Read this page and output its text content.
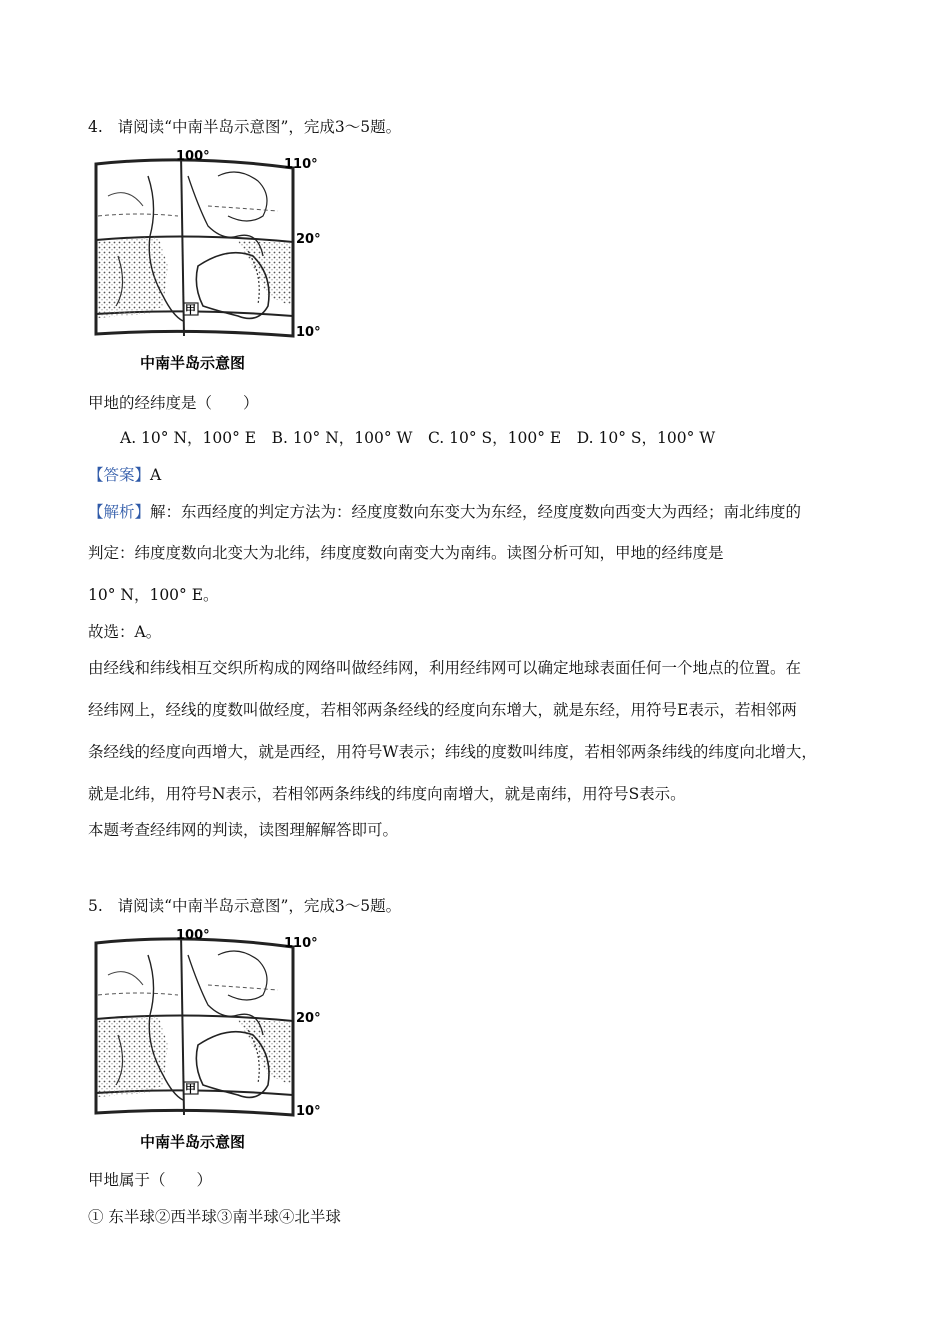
4. 请阅读“中南半岛示意图”，完成3～5题。
100°
110°
20°
10°
甲
中南半岛示意图
甲地的经纬度是（　　）
A. 10° N，100° E　B. 10° N，100° W　C. 10° S，100° E　D. 10° S，100° W
【答案】A
【解析】解：东西经度的判定方法为：经度度数向东变大为东经，经度度数向西变大为西经；南北纬度的
判定：纬度度数向北变大为北纬，纬度度数向南变大为南纬。读图分析可知，甲地的经纬度是
10° N，100° E。
故选：A。
由经线和纬线相互交织所构成的网络叫做经纬网，利用经纬网可以确定地球表面任何一个地点的位置。在
经纬网上，经线的度数叫做经度，若相邻两条经线的经度向东增大，就是东经，用符号E表示，若相邻两
条经线的经度向西增大，就是西经，用符号W表示；纬线的度数叫纬度，若相邻两条纬线的纬度向北增大，
就是北纬，用符号N表示，若相邻两条纬线的纬度向南增大，就是南纬，用符号S表示。
本题考查经纬网的判读，读图理解解答即可。
5. 请阅读“中南半岛示意图”，完成3～5题。
100°
110°
20°
10°
甲
中南半岛示意图
甲地属于（　　）
① 东半球②西半球③南半球④北半球
